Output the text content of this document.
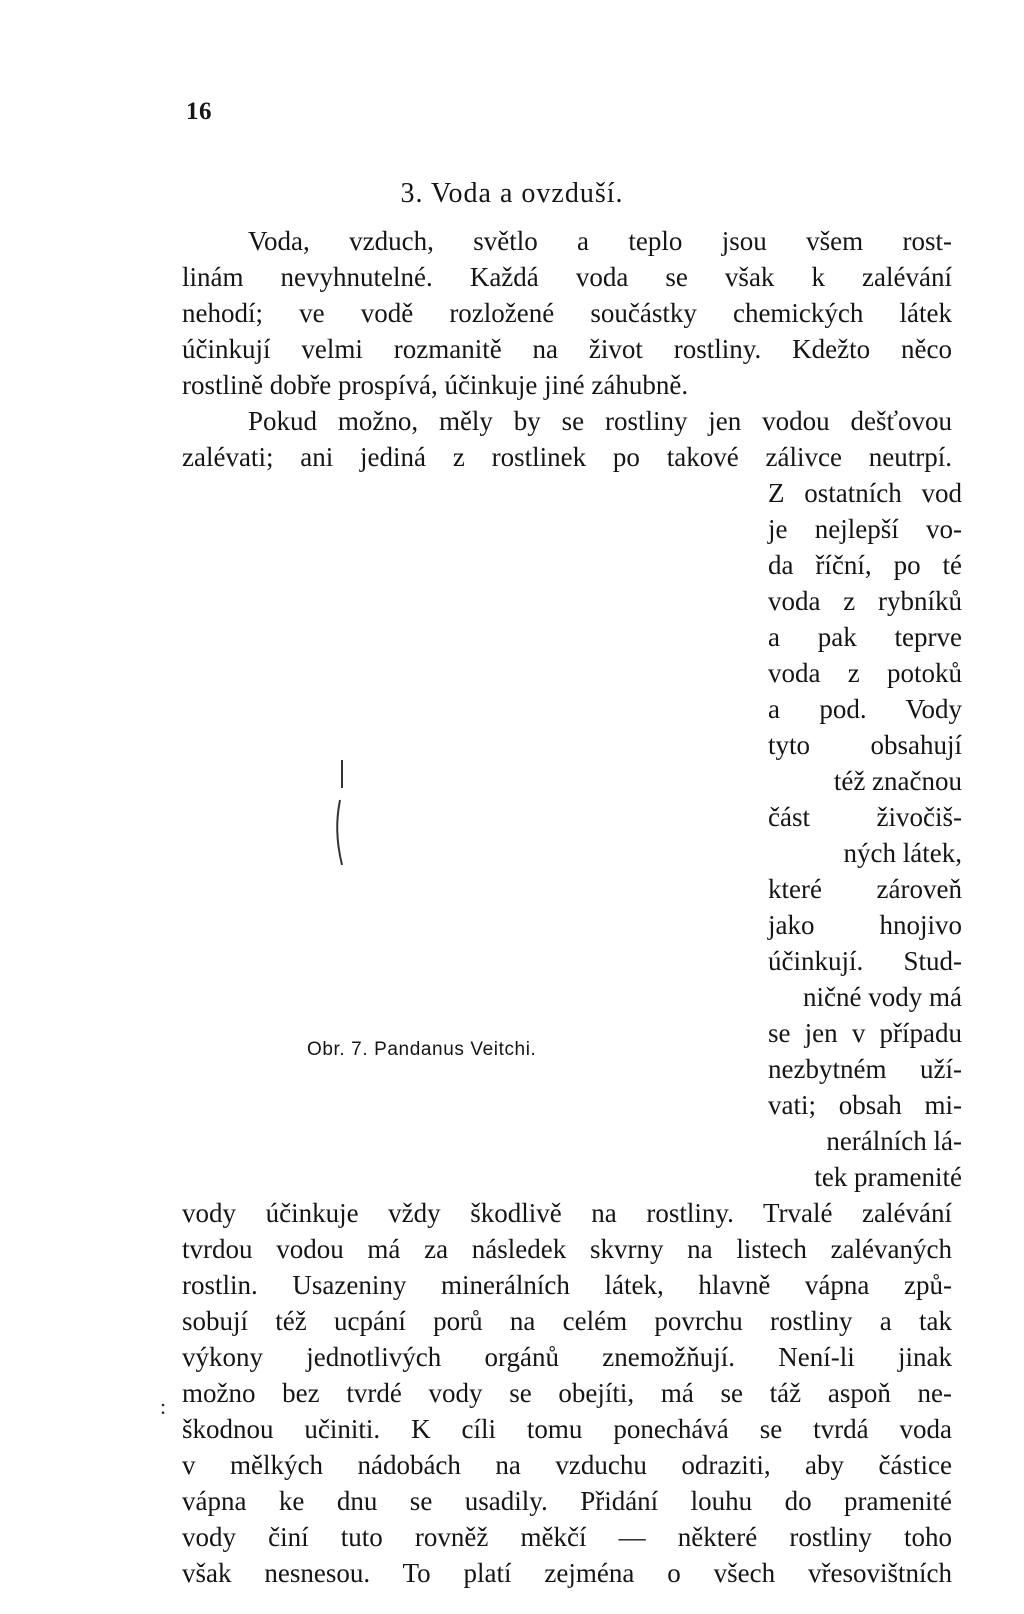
16
3. Voda a ovzduší.
Voda, vzduch, světlo a teplo jsou všem rost-
linám nevyhnutelné. Každá voda se však k zalévání
nehodí; ve vodě rozložené součástky chemických látek
účinkují velmi rozmanitě na život rostliny. Kdežto něco
rostlině dobře prospívá, účinkuje jiné záhubně.
Pokud možno, měly by se rostliny jen vodou dešťovou
zalévati; ani jediná z rostlinek po takové zálivce neutrpí.
Z ostatních vod
je nejlepší vo-
da říční, po té
voda z rybníků
a pak teprve
voda z potoků
a pod. Vody
tyto obsahují
též značnou
část živočiš-
ných látek,
které zároveň
jako hnojivo
účinkují. Stud-
ničné vody má
se jen v případu
nezbytném uží-
vati; obsah mi-
nerálních lá-
tek pramenité
vody účinkuje vždy škodlivě na rostliny. Trvalé zalévání
tvrdou vodou má za následek skvrny na listech zalévaných
rostlin. Usazeniny minerálních látek, hlavně vápna způ-
sobují též ucpání porů na celém povrchu rostliny a tak
výkony jednotlivých orgánů znemožňují. Není-li jinak
možno bez tvrdé vody se obejíti, má se táž aspoň ne-
škodnou učiniti. K cíli tomu ponechává se tvrdá voda
v mělkých nádobách na vzduchu odraziti, aby částice
vápna ke dnu se usadily. Přidání louhu do pramenité
vody činí tuto rovněž měkčí — některé rostliny toho
však nesnesou. To platí zejména o všech vřesovištních
Obr. 7. Pandanus Veitchi.
:
